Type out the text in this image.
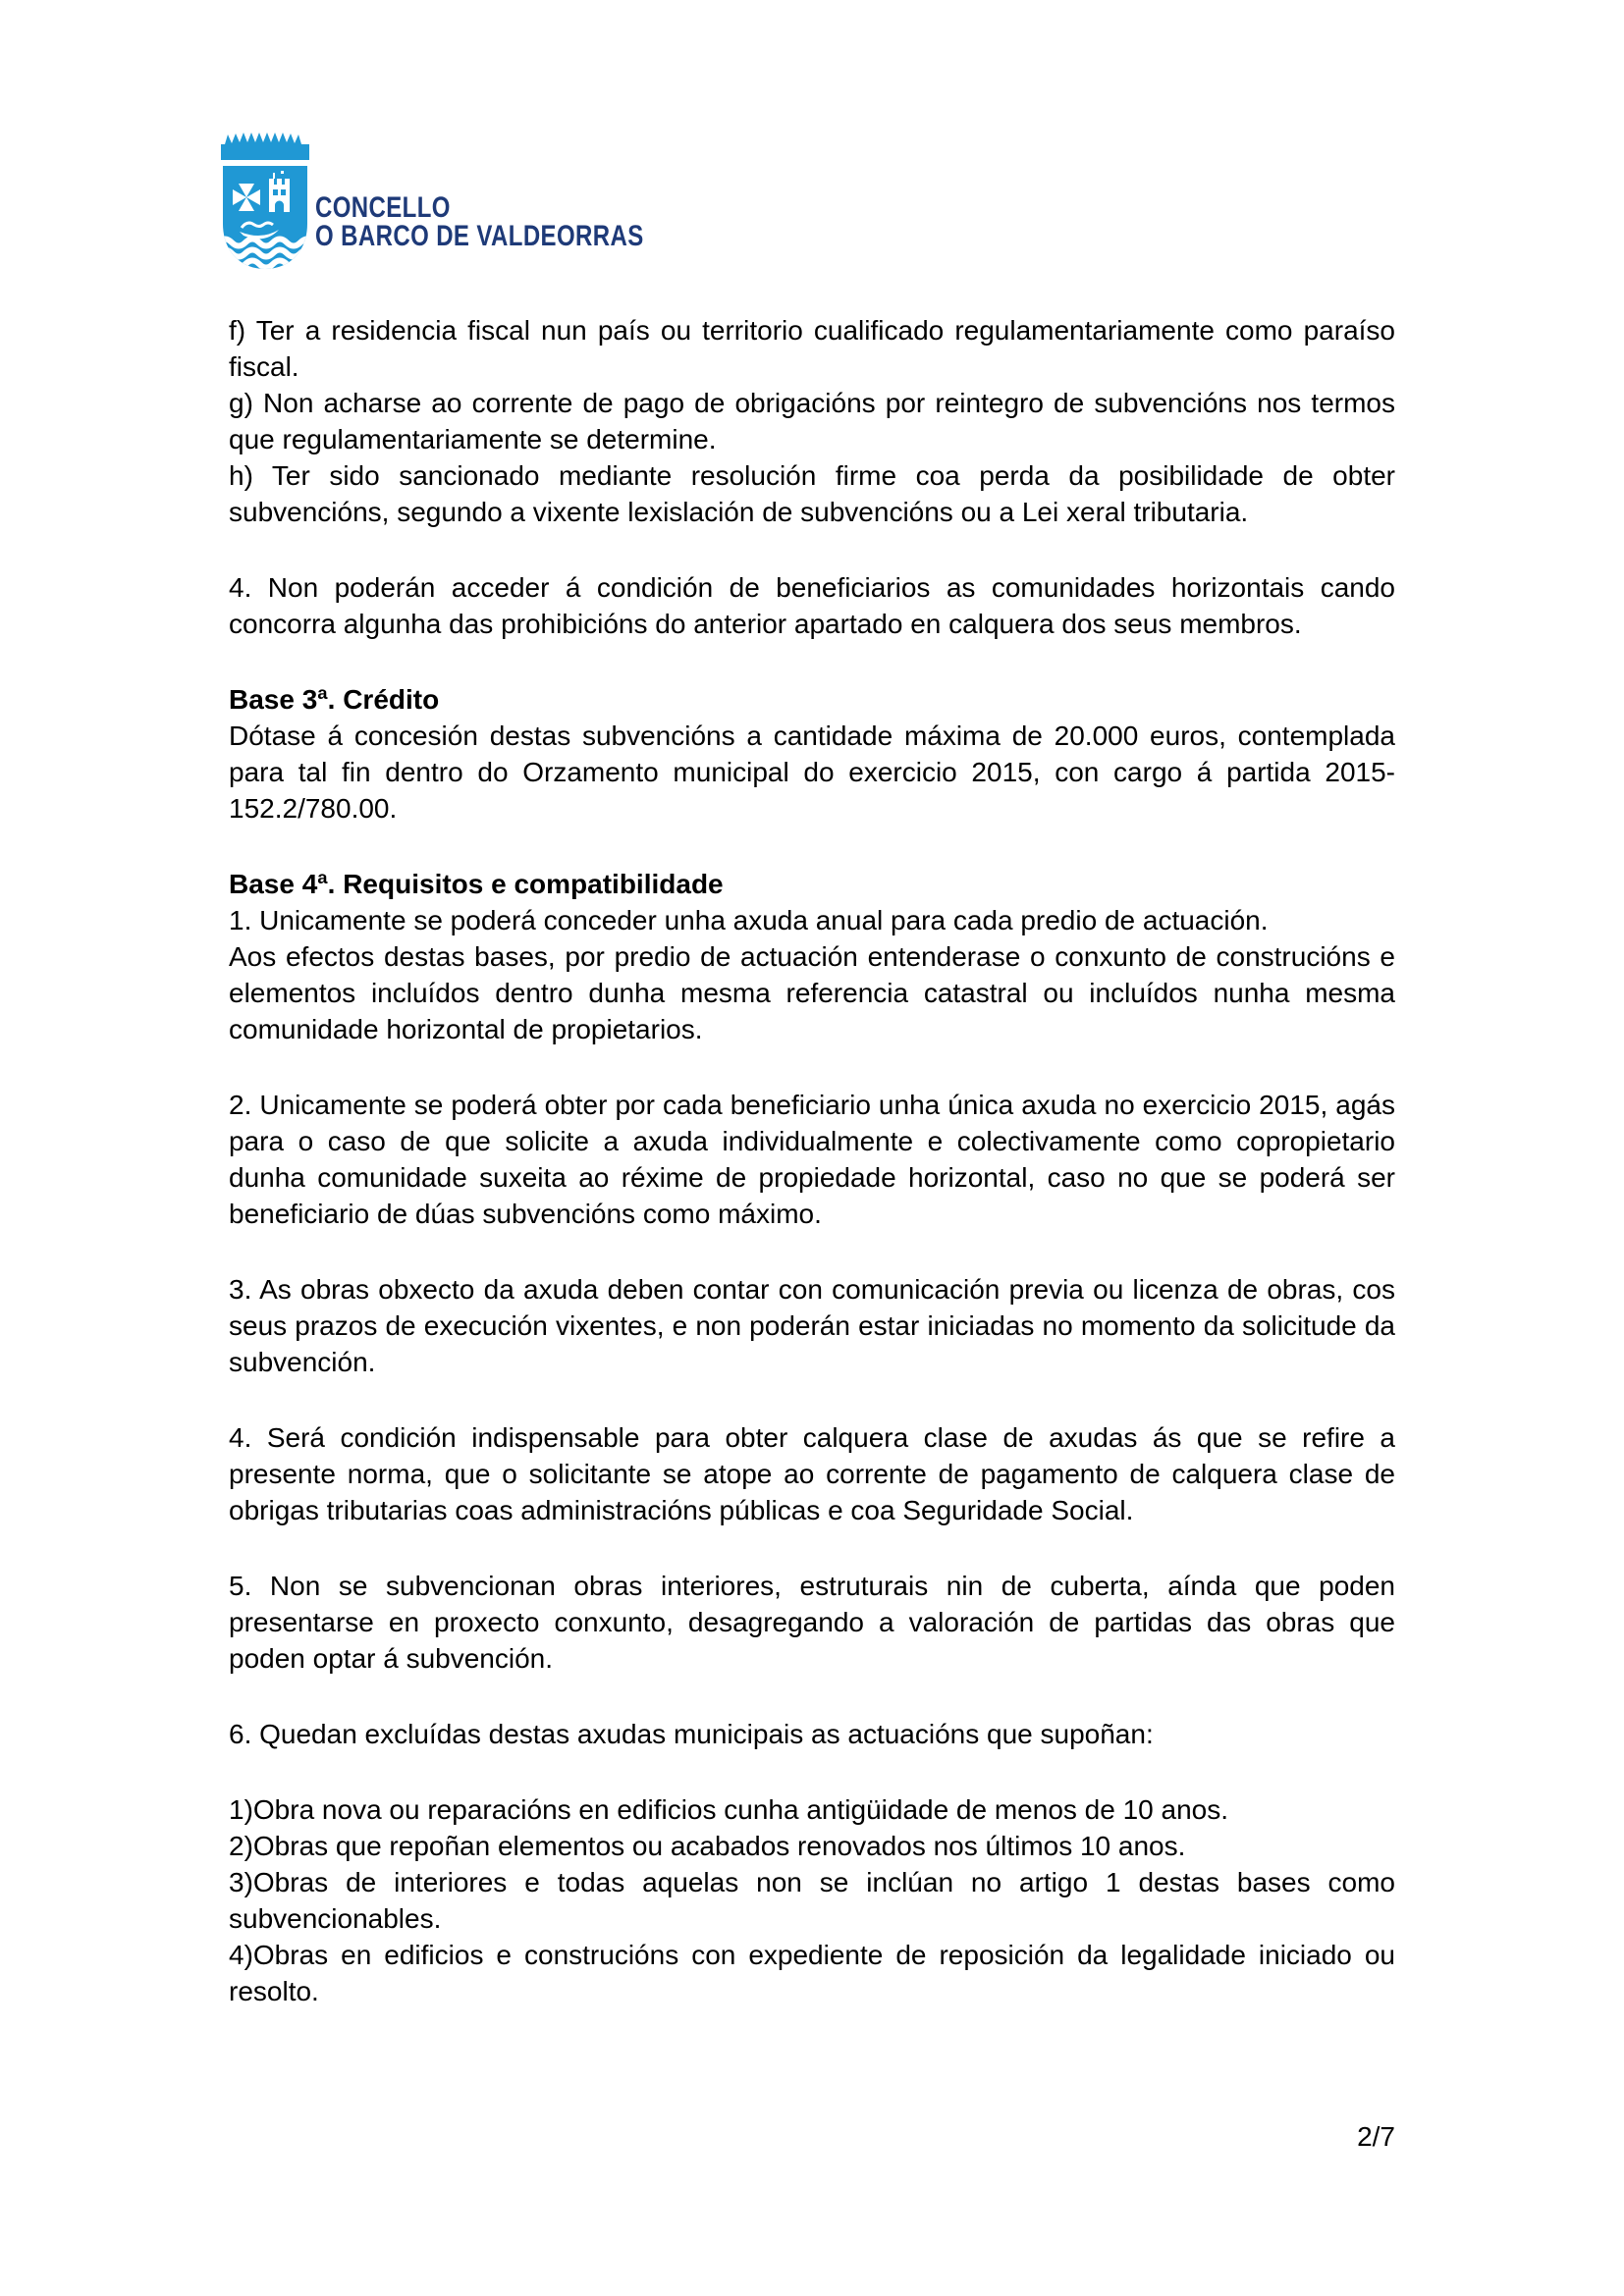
CONCELLO
O BARCO DE VALDEORRAS

f) Ter a residencia fiscal nun país ou territorio cualificado regulamentariamente como paraíso fiscal.

g) Non acharse ao corrente de pago de obrigacións por reintegro de subvencións nos termos que regulamentariamente se determine.

h) Ter sido sancionado mediante resolución firme coa perda da posibilidade de obter subvencións, segundo a vixente lexislación de subvencións ou a Lei xeral tributaria.

4. Non poderán acceder á condición de beneficiarios as comunidades horizontais cando concorra algunha das prohibicións do anterior apartado en calquera dos seus membros.

Base 3ª. Crédito

Dótase á concesión destas subvencións a cantidade máxima de 20.000 euros, contemplada para tal fin dentro do Orzamento municipal do exercicio 2015, con cargo á partida 2015-152.2/780.00.

Base 4ª. Requisitos e compatibilidade

1. Unicamente se poderá conceder unha axuda anual para cada predio de actuación.

Aos efectos destas bases, por predio de actuación entenderase o conxunto de construcións e elementos incluídos dentro dunha mesma referencia catastral ou incluídos nunha mesma comunidade horizontal de propietarios.

2. Unicamente se poderá obter por cada beneficiario unha única axuda no exercicio 2015, agás para o caso de que solicite a axuda individualmente e colectivamente como copropietario dunha comunidade suxeita ao réxime de propiedade horizontal, caso no que se poderá ser beneficiario de dúas subvencións como máximo.

3. As obras obxecto da axuda deben contar con comunicación previa ou licenza de obras, cos seus prazos de execución vixentes, e non poderán estar iniciadas no momento da solicitude da subvención.

4. Será condición indispensable para obter calquera clase de axudas ás que se refire a presente norma, que o solicitante se atope ao corrente de pagamento de calquera clase de obrigas tributarias coas administracións públicas e coa Seguridade Social.

5. Non se subvencionan obras interiores, estruturais nin de cuberta, aínda que poden presentarse en proxecto conxunto, desagregando a valoración de partidas das obras que poden optar á subvención.

6. Quedan excluídas destas axudas municipais as actuacións que supoñan:

1)Obra nova ou reparacións en edificios cunha antigüidade de menos de 10 anos.

2)Obras que repoñan elementos ou acabados renovados nos últimos 10 anos.

3)Obras de interiores e todas aquelas non se inclúan no artigo 1 destas bases como subvencionables.

4)Obras en edificios e construcións con expediente de reposición da legalidade iniciado ou resolto.

2/7
